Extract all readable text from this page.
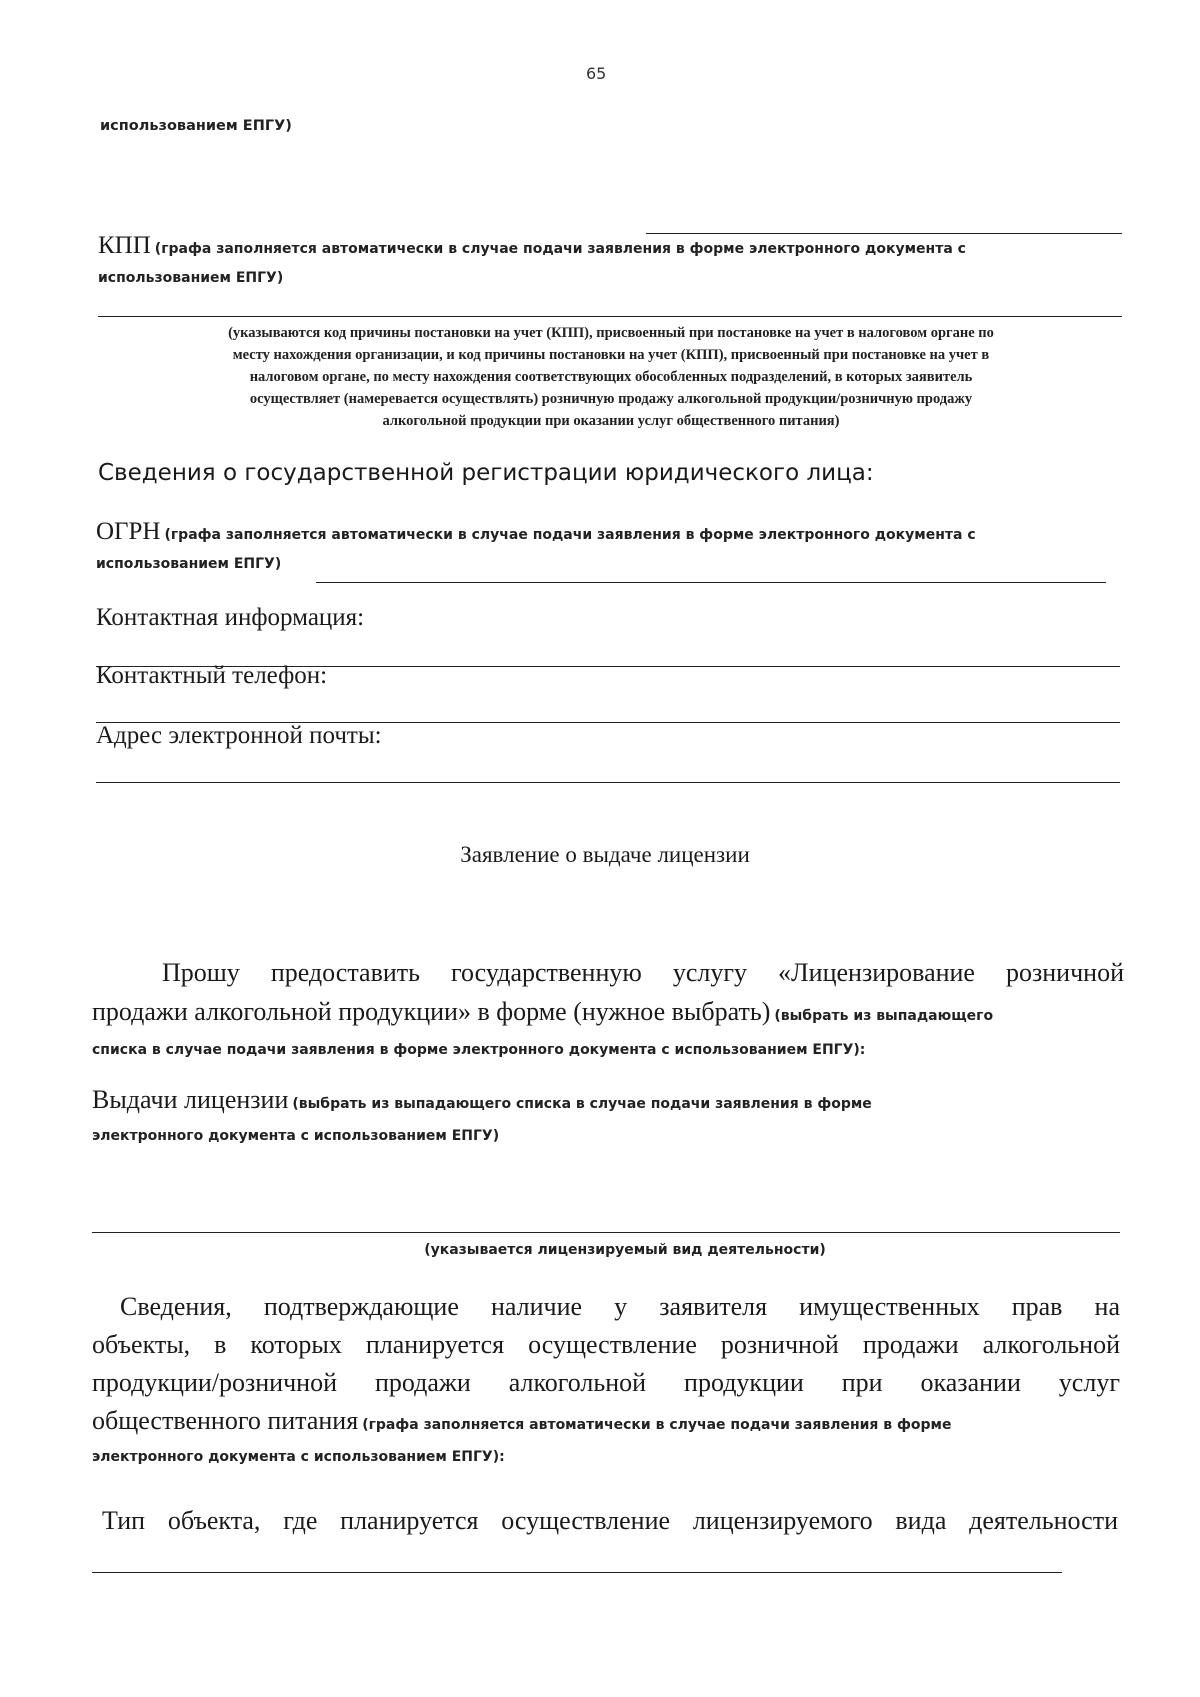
65
использованием ЕПГУ)
КПП (графа заполняется автоматически в случае подачи заявления в форме электронного документа с
использованием ЕПГУ)
(указываются код причины постановки на учет (КПП), присвоенный при постановке на учет в налоговом органе по
месту нахождения организации, и код причины постановки на учет (КПП), присвоенный при постановке на учет в
налоговом органе, по месту нахождения соответствующих обособленных подразделений, в которых заявитель
осуществляет (намеревается осуществлять) розничную продажу алкогольной продукции/розничную продажу
алкогольной продукции при оказании услуг общественного питания)
Сведения о государственной регистрации юридического лица:
ОГРН (графа заполняется автоматически в случае подачи заявления в форме электронного документа с
использованием ЕПГУ)
Контактная информация:
Контактный телефон:
Адрес электронной почты:
Заявление о выдаче лицензии
Прошу предоставить государственную услугу «Лицензирование розничной
продажи алкогольной продукции» в форме (нужное выбрать) (выбрать из выпадающего
списка в случае подачи заявления в форме электронного документа с использованием ЕПГУ):
Выдачи лицензии (выбрать из выпадающего списка в случае подачи заявления в форме
электронного документа с использованием ЕПГУ)
(указывается лицензируемый вид деятельности)
Сведения, подтверждающие наличие у заявителя имущественных прав на
объекты, в которых планируется осуществление розничной продажи алкогольной
продукции/розничной продажи алкогольной продукции при оказании услуг
общественного питания (графа заполняется автоматически в случае подачи заявления в форме
электронного документа с использованием ЕПГУ):
Тип объекта, где планируется осуществление лицензируемого вида деятельности
